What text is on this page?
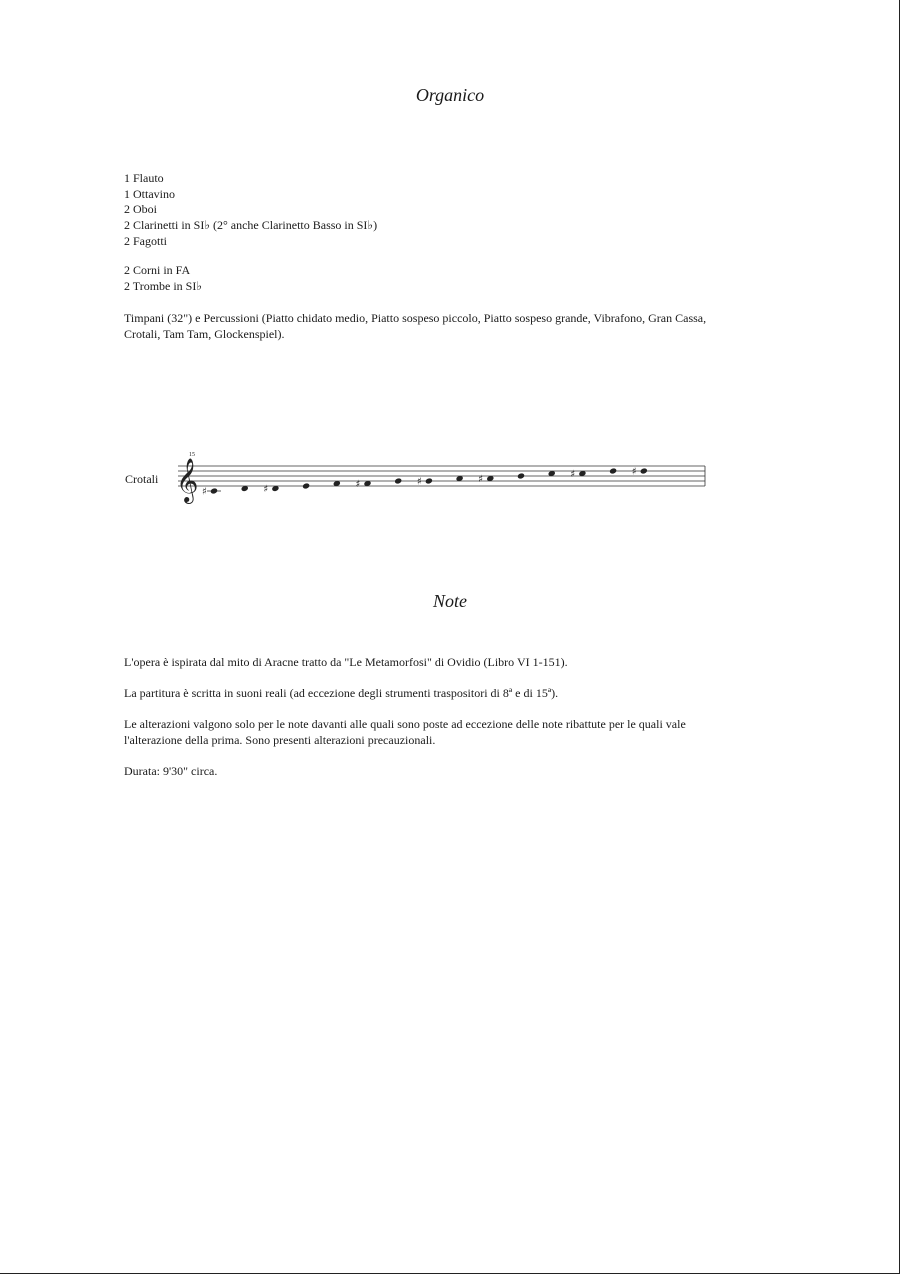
Organico
1 Flauto
1 Ottavino
2 Oboi
2 Clarinetti in SI♭ (2° anche Clarinetto Basso in SI♭)
2 Fagotti
2 Corni in FA
2 Trombe in SI♭
Timpani (32") e Percussioni (Piatto chidato medio, Piatto sospeso piccolo, Piatto sospeso grande, Vibrafono, Gran Cassa,
Crotali, Tam Tam, Glockenspiel).
Crotali 𝄞
15
♯	♯	♯	♯	♯	♯	♯
Note

L'opera è ispirata dal mito di Aracne tratto da "Le Metamorfosi" di Ovidio (Libro VI 1-151).

La partitura è scritta in suoni reali (ad eccezione degli strumenti traspositori di 8ª e di 15ª).

Le alterazioni valgono solo per le note davanti alle quali sono poste ad eccezione delle note ribattute per le quali vale
l'alterazione della prima. Sono presenti alterazioni precauzionali.

Durata: 9'30" circa.
